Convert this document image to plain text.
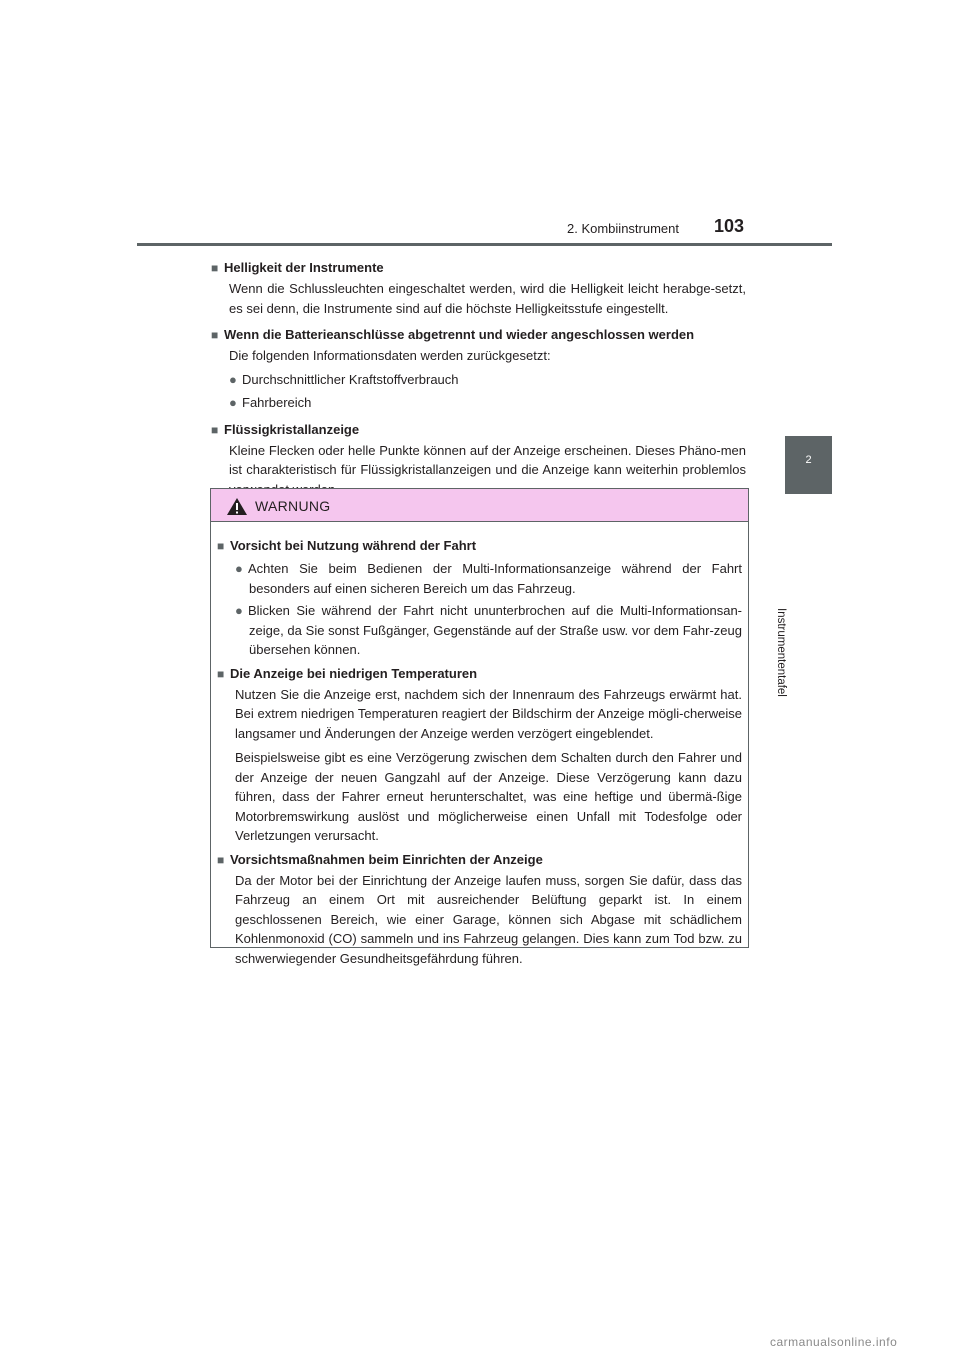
2. Kombiinstrument 103
2
Instrumententafel
■ Helligkeit der Instrumente
Wenn die Schlussleuchten eingeschaltet werden, wird die Helligkeit leicht herabge-setzt, es sei denn, die Instrumente sind auf die höchste Helligkeitsstufe eingestellt.
■ Wenn die Batterieanschlüsse abgetrennt und wieder angeschlossen werden
Die folgenden Informationsdaten werden zurückgesetzt:
● Durchschnittlicher Kraftstoffverbrauch
● Fahrbereich
■ Flüssigkristallanzeige
Kleine Flecken oder helle Punkte können auf der Anzeige erscheinen. Dieses Phäno-men ist charakteristisch für Flüssigkristallanzeigen und die Anzeige kann weiterhin problemlos
WARNUNG
■ Vorsicht bei Nutzung während der Fahrt
● Achten Sie beim Bedienen der Multi-Informationsanzeige während der Fahrt besonders auf einen sicheren Bereich um das Fahrzeug.
● Blicken Sie während der Fahrt nicht ununterbrochen auf die Multi-Informationsan-zeige, da Sie sonst Fußgänger, Gegenstände auf der Straße usw. vor dem Fahr-zeug übersehen können.
■ Die Anzeige bei niedrigen Temperaturen
Nutzen Sie die Anzeige erst, nachdem sich der Innenraum des Fahrzeugs erwärmt hat. Bei extrem niedrigen Temperaturen reagiert der Bildschirm der Anzeige mögli-cherweise langsamer und Änderungen der Anzeige werden verzögert eingeblendet.
Beispielsweise gibt es eine Verzögerung zwischen dem Schalten durch den Fahrer und der Anzeige der neuen Gangzahl auf der Anzeige. Diese Verzögerung kann dazu führen, dass der Fahrer erneut herunterschaltet, was eine heftige und übermä-ßige Motorbremswirkung auslöst und möglicherweise einen Unfall mit Todesfolge oder Verletzungen verursacht.
■ Vorsichtsmaßnahmen beim Einrichten der Anzeige
Da der Motor bei der Einrichtung der Anzeige laufen muss, sorgen Sie dafür, dass das Fahrzeug an einem Ort mit ausreichender Belüftung geparkt ist. In einem geschlossenen Bereich, wie einer Garage, können sich Abgase mit schädlichem Kohlenmonoxid (CO) sammeln und ins Fahrzeug gelangen. Dies kann zum Tod bzw. zu schwerwiegender Gesundheitsgefährdung führen.
carmanualsonline.info
